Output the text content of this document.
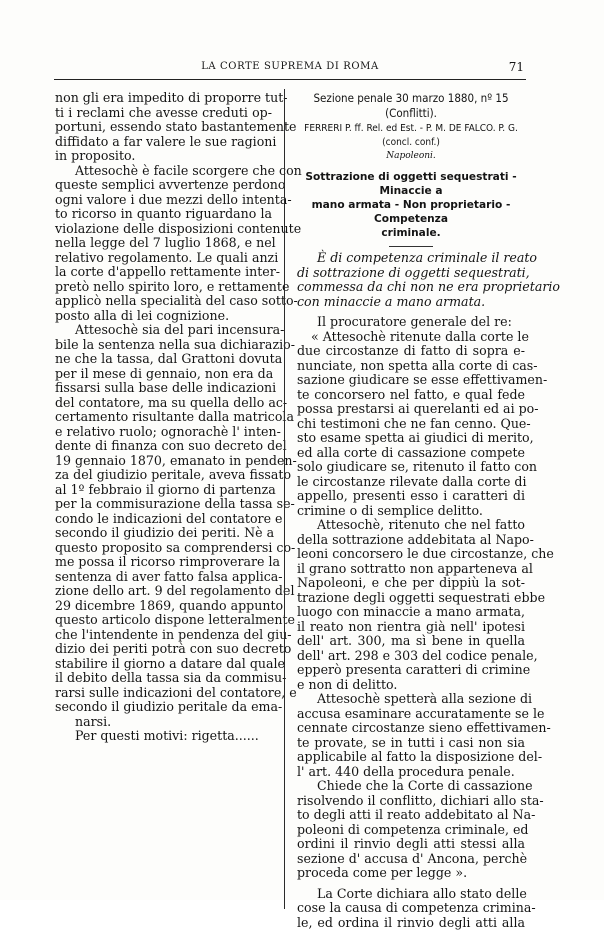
LA CORTE SUPREMA DI ROMA	71
non gli era impedito di proporre tut-
ti i reclami che avesse creduti op-
portuni, essendo stato bastantemente
diffidato a far valere le sue ragioni
in proposito.
Attesochè è facile scorgere che con
queste semplici avvertenze perdono
ogni valore i due mezzi dello intenta-
to ricorso in quanto riguardano la
violazione delle disposizioni contenute
nella legge del 7 luglio 1868, e nel
relativo regolamento. Le quali anzi
la corte d'appello rettamente inter-
pretò nello spirito loro, e rettamente
applicò nella specialità del caso sotto-
posto alla di lei cognizione.
Attesochè sia del pari incensura-
bile la sentenza nella sua dichiarazio-
ne che la tassa, dal Grattoni dovuta
per il mese di gennaio, non era da
fissarsi sulla base delle indicazioni
del contatore, ma su quella dello ac-
certamento risultante dalla matricola
e relativo ruolo; ognorachè l' inten-
dente di finanza con suo decreto del
19 gennaio 1870, emanato in penden-
za del giudizio peritale, aveva fissato
al 1º febbraio il giorno di partenza
per la commisurazione della tassa se-
condo le indicazioni del contatore e
secondo il giudizio dei periti. Nè a
questo proposito sa comprendersi co-
me possa il ricorso rimproverare la
sentenza di aver fatto falsa applica-
zione dello art. 9 del regolamento del
29 dicembre 1869, quando appunto
questo articolo dispone letteralmente
che l'intendente in pendenza del giu-
dizio dei periti potrà con suo decreto
stabilire il giorno a datare dal quale
il debito della tassa sia da commisu-
rarsi sulle indicazioni del contatore, e
secondo il giudizio peritale da ema-
narsi.
Per questi motivi: rigetta......
Sezione penale 30 marzo 1880, nº 15 (Conflitti).
FERRERI P. ff. Rel. ed Est. - P. M. DE FALCO. P. G.
(concl. conf.)
Napoleoni.
Sottrazione di oggetti sequestrati - Minaccie a
mano armata - Non proprietario - Competenza
criminale.
È di competenza criminale il reato
di sottrazione di oggetti sequestrati,
commessa da chi non ne era proprietario
con minaccie a mano armata.
Il procuratore generale del re:
« Attesochè ritenute dalla corte le
due circostanze di fatto di sopra e-
nunciate, non spetta alla corte di cas-
sazione giudicare se esse effettivamen-
te concorsero nel fatto, e qual fede
possa prestarsi ai querelanti ed ai po-
chi testimoni che ne fan cenno. Que-
sto esame spetta ai giudici di merito,
ed alla corte di cassazione compete
solo giudicare se, ritenuto il fatto con
le circostanze rilevate dalla corte di
appello, presenti esso i caratteri di
crimine o di semplice delitto.
Attesochè, ritenuto che nel fatto
della sottrazione addebitata al Napo-
leoni concorsero le due circostanze, che
il grano sottratto non apparteneva al
Napoleoni, e che per dippiù la sot-
trazione degli oggetti sequestrati ebbe
luogo con minaccie a mano armata,
il reato non rientra già nell' ipotesi
dell' art. 300, ma sì bene in quella
dell' art. 298 e 303 del codice penale,
epperò presenta caratteri di crimine
e non di delitto.
Attesochè spetterà alla sezione di
accusa esaminare accuratamente se le
cennate circostanze sieno effettivamen-
te provate, se in tutti i casi non sia
applicabile al fatto la disposizione del-
l' art. 440 della procedura penale.
Chiede che la Corte di cassazione
risolvendo il conflitto, dichiari allo sta-
to degli atti il reato addebitato al Na-
poleoni di competenza criminale, ed
ordini il rinvio degli atti stessi alla
sezione d' accusa d' Ancona, perchè
proceda come per legge ».
La Corte dichiara allo stato delle
cose la causa di competenza crimina-
le, ed ordina il rinvio degli atti alla
